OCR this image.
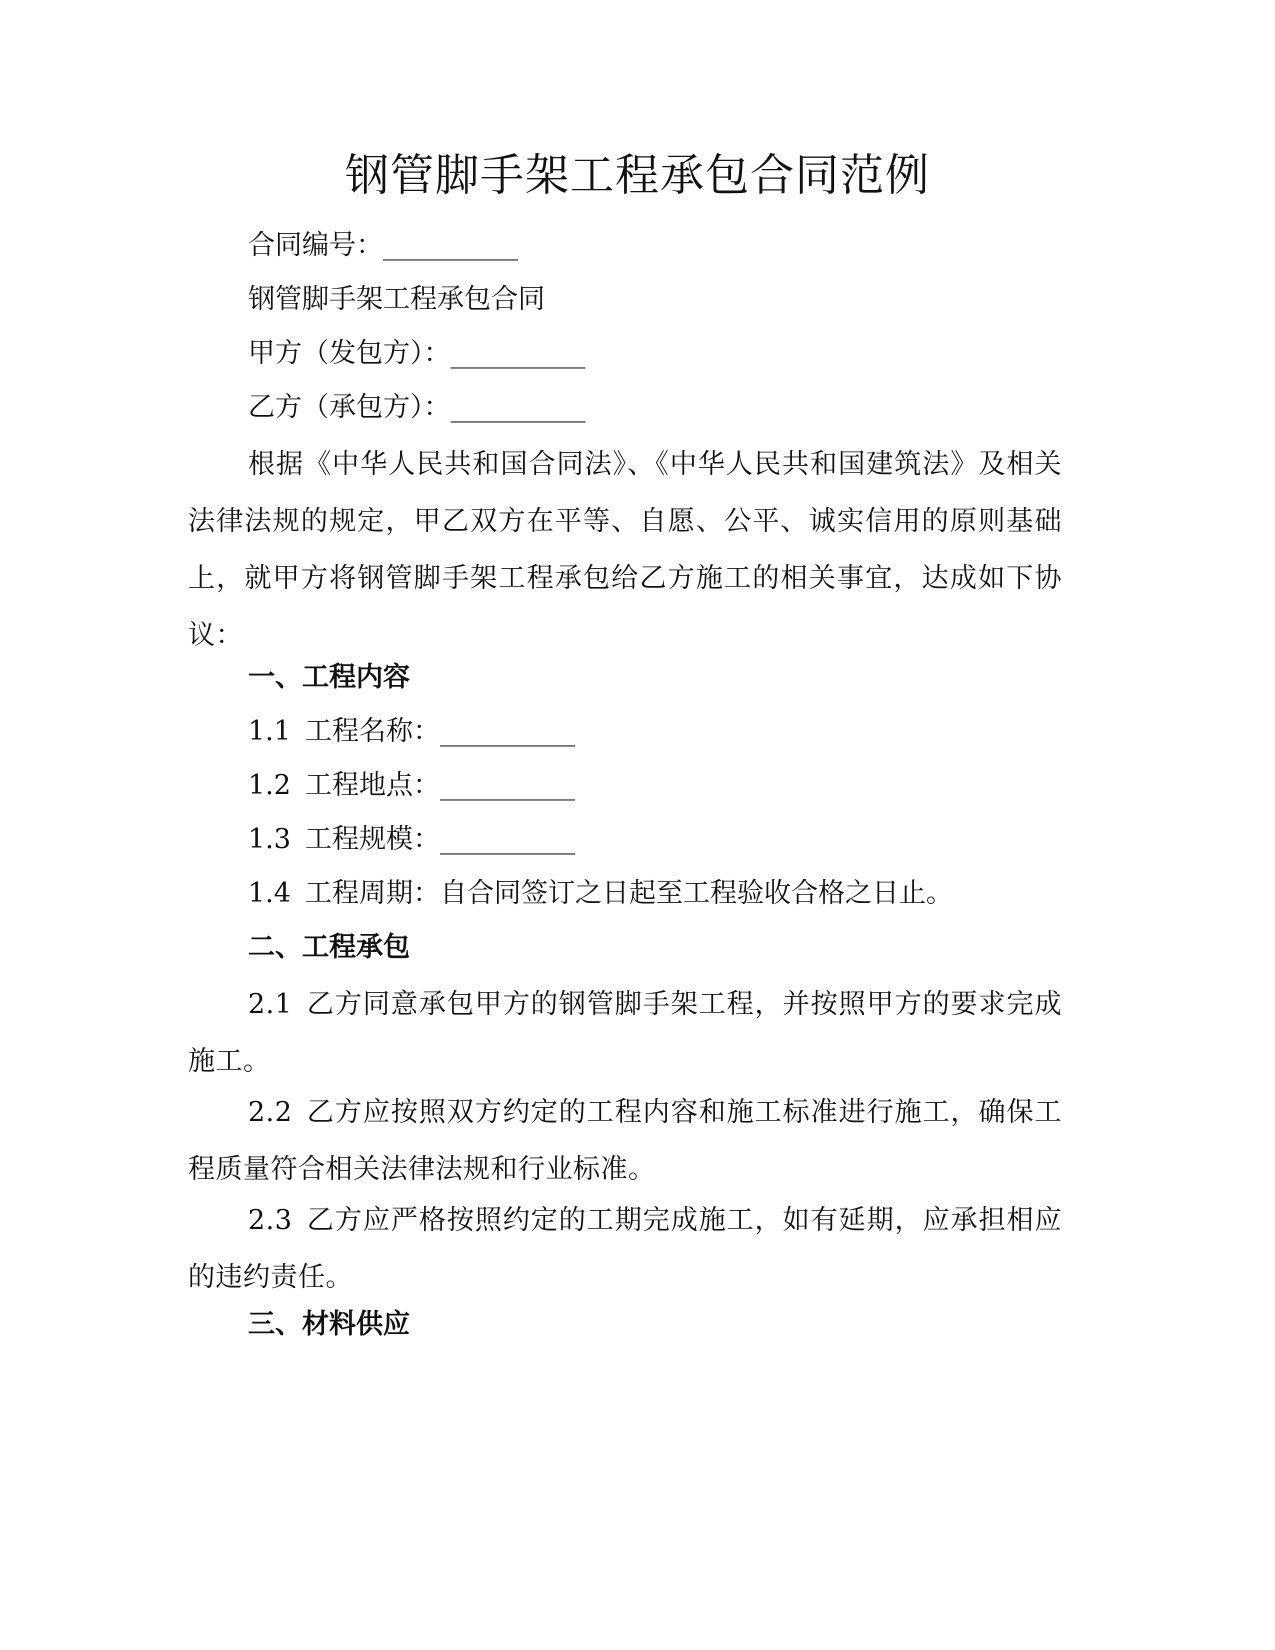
钢管脚手架工程承包合同范例

合同编号：__________

钢管脚手架工程承包合同

甲方（发包方）：__________

乙方（承包方）：__________

根据《中华人民共和国合同法》、《中华人民共和国建筑法》及相关法律法规的规定，甲乙双方在平等、自愿、公平、诚实信用的原则基础上，就甲方将钢管脚手架工程承包给乙方施工的相关事宜，达成如下协议：

一、工程内容

1.1 工程名称：__________

1.2 工程地点：__________

1.3 工程规模：__________

1.4 工程周期：自合同签订之日起至工程验收合格之日止。

二、工程承包

2.1 乙方同意承包甲方的钢管脚手架工程，并按照甲方的要求完成施工。

2.2 乙方应按照双方约定的工程内容和施工标准进行施工，确保工程质量符合相关法律法规和行业标准。

2.3 乙方应严格按照约定的工期完成施工，如有延期，应承担相应的违约责任。

三、材料供应
